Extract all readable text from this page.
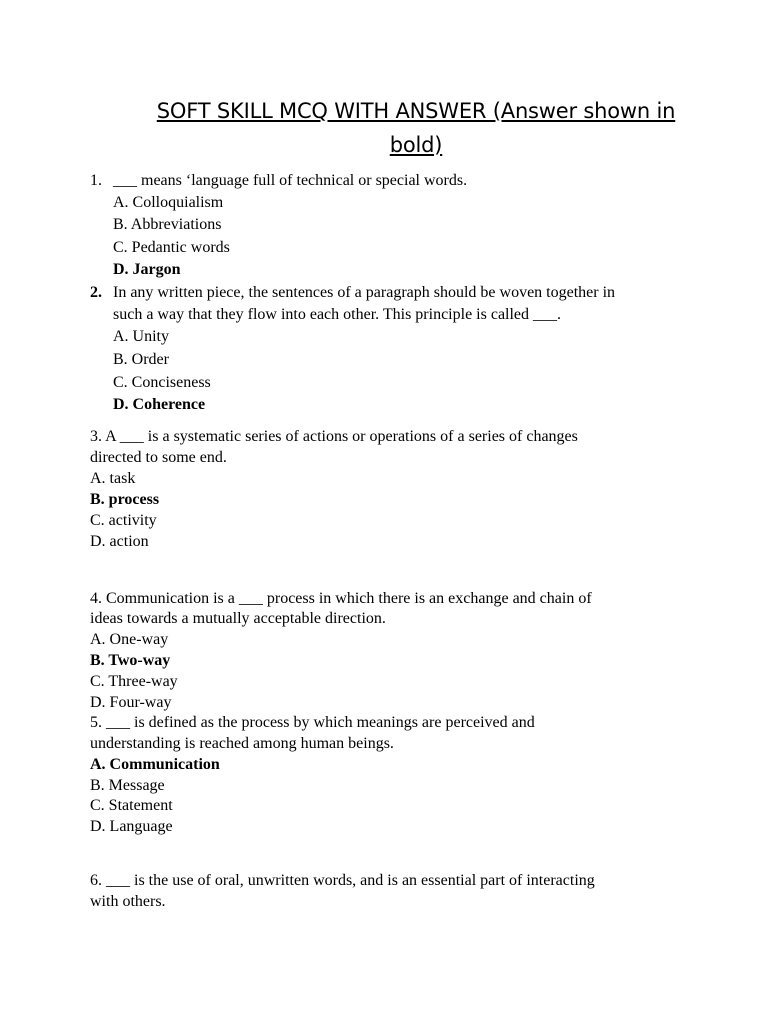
SOFT SKILL MCQ WITH ANSWER (Answer shown in
bold)
1. ___ means ‘language full of technical or special words.
A. Colloquialism
B. Abbreviations
C. Pedantic words
D. Jargon
2. In any written piece, the sentences of a paragraph should be woven together in
such a way that they flow into each other. This principle is called ___.
A. Unity
B. Order
C. Conciseness
D. Coherence
3. A ___ is a systematic series of actions or operations of a series of changes
directed to some end.
A. task
B. process
C. activity
D. action
4. Communication is a ___ process in which there is an exchange and chain of
ideas towards a mutually acceptable direction.
A. One-way
B. Two-way
C. Three-way
D. Four-way
5. ___ is defined as the process by which meanings are perceived and
understanding is reached among human beings.
A. Communication
B. Message
C. Statement
D. Language
6. ___ is the use of oral, unwritten words, and is an essential part of interacting
with others.
